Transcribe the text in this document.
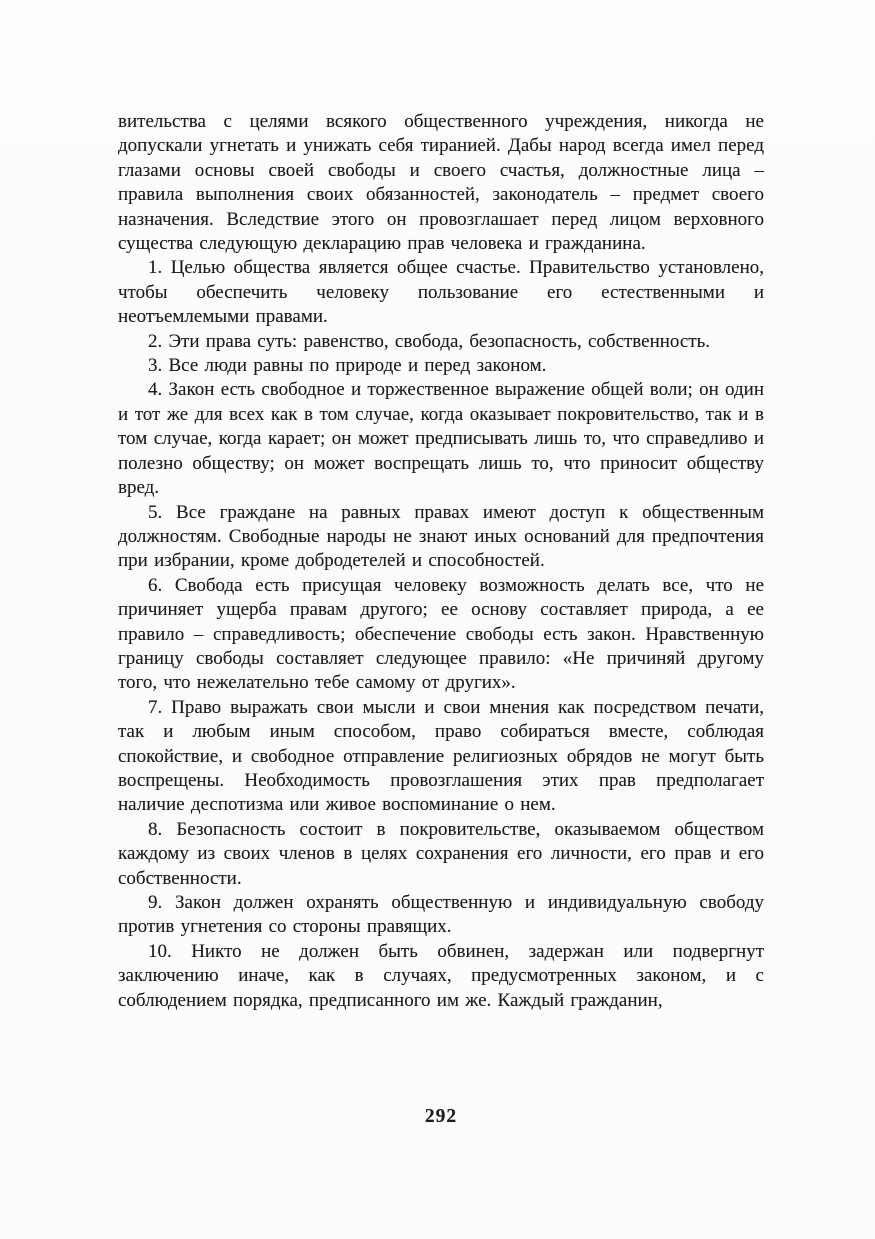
вительства с целями всякого общественного учреждения, никогда не допускали угнетать и унижать себя тиранией. Дабы народ всегда имел перед глазами основы своей свободы и своего счастья, должностные лица – правила выполнения своих обязанностей, законодатель – предмет своего назначения. Вследствие этого он провозглашает перед лицом верховного существа следующую декларацию прав человека и гражданина.

1. Целью общества является общее счастье. Правительство установлено, чтобы обеспечить человеку пользование его естественными и неотъемлемыми правами.

2. Эти права суть: равенство, свобода, безопасность, собственность.

3. Все люди равны по природе и перед законом.

4. Закон есть свободное и торжественное выражение общей воли; он один и тот же для всех как в том случае, когда оказывает покровительство, так и в том случае, когда карает; он может предписывать лишь то, что справедливо и полезно обществу; он может воспрещать лишь то, что приносит обществу вред.

5. Все граждане на равных правах имеют доступ к общественным должностям. Свободные народы не знают иных оснований для предпочтения при избрании, кроме добродетелей и способностей.

6. Свобода есть присущая человеку возможность делать все, что не причиняет ущерба правам другого; ее основу составляет природа, а ее правило – справедливость; обеспечение свободы есть закон. Нравственную границу свободы составляет следующее правило: «Не причиняй другому того, что нежелательно тебе самому от других».

7. Право выражать свои мысли и свои мнения как посредством печати, так и любым иным способом, право собираться вместе, соблюдая спокойствие, и свободное отправление религиозных обрядов не могут быть воспрещены. Необходимость провозглашения этих прав предполагает наличие деспотизма или живое воспоминание о нем.

8. Безопасность состоит в покровительстве, оказываемом обществом каждому из своих членов в целях сохранения его личности, его прав и его собственности.

9. Закон должен охранять общественную и индивидуальную свободу против угнетения со стороны правящих.

10. Никто не должен быть обвинен, задержан или подвергнут заключению иначе, как в случаях, предусмотренных законом, и с соблюдением порядка, предписанного им же. Каждый гражданин,

292
